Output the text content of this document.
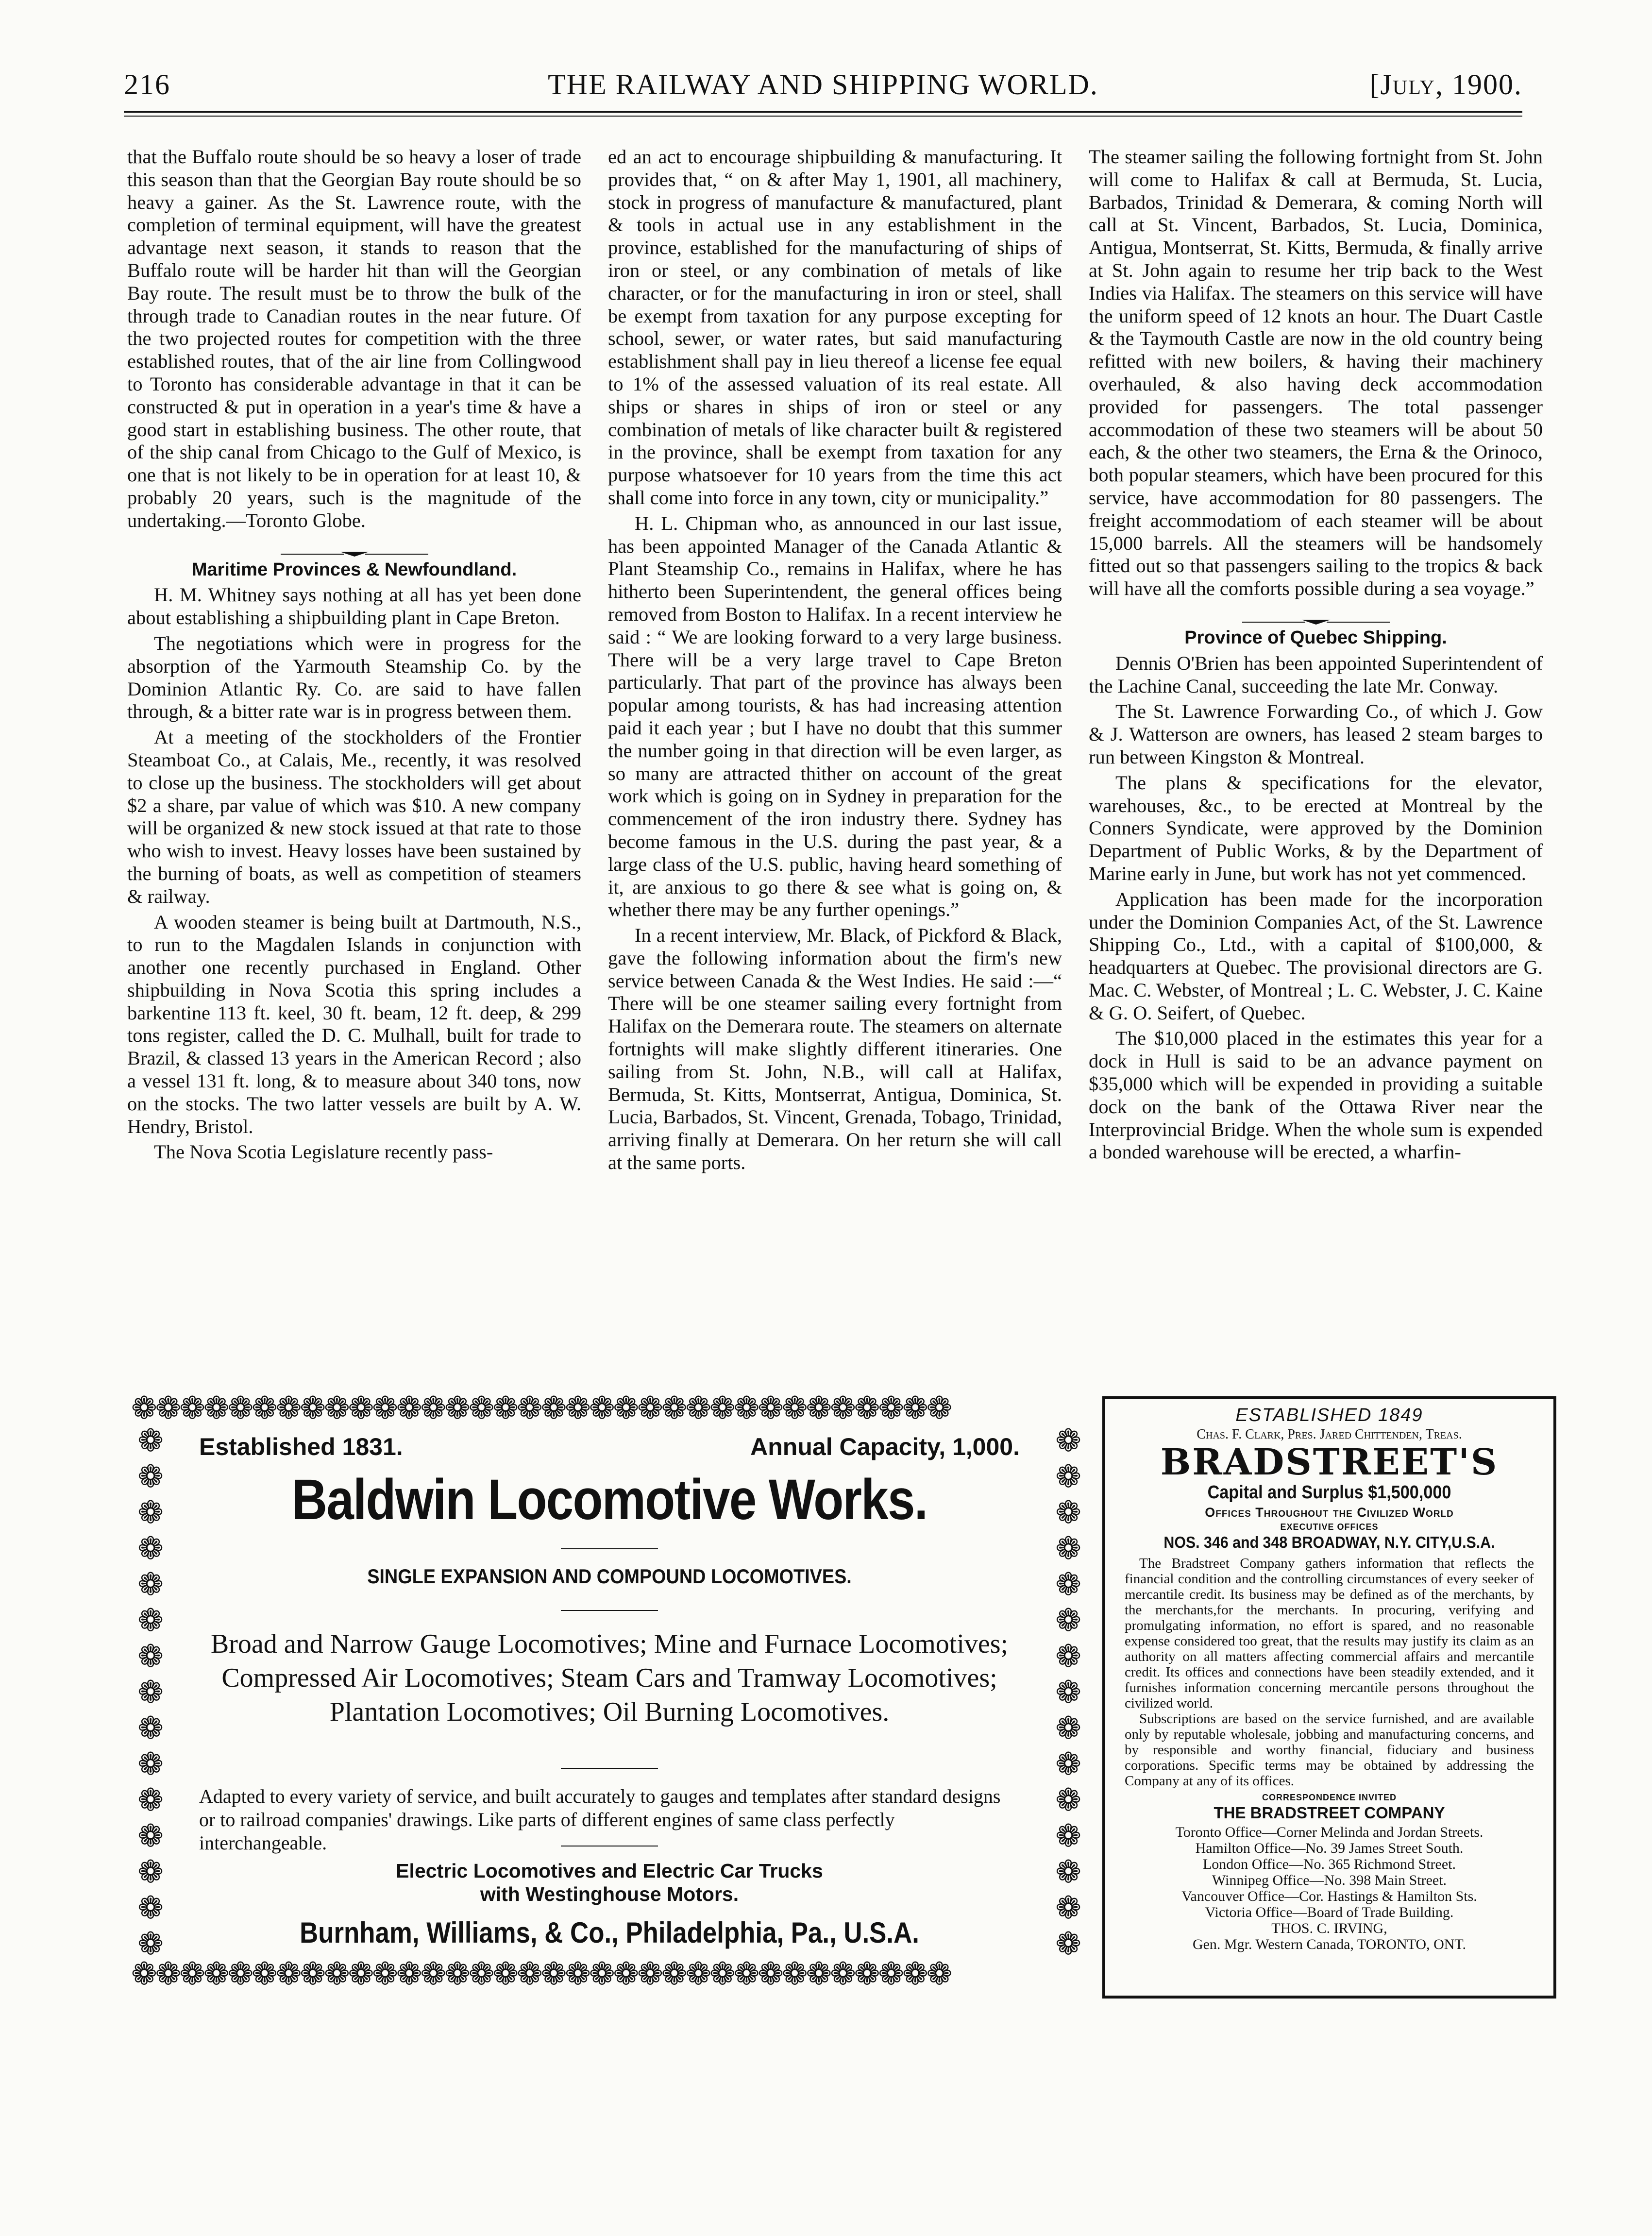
216	THE RAILWAY AND SHIPPING WORLD.	[July, 1900.

that the Buffalo route should be so heavy a loser of trade this season than that the Georgian Bay route should be so heavy a gainer. As the St. Lawrence route, with the completion of terminal equipment, will have the greatest advantage next season, it stands to reason that the Buffalo route will be harder hit than will the Georgian Bay route. The result must be to throw the bulk of the through trade to Canadian routes in the near future. Of the two projected routes for competition with the three established routes, that of the air line from Collingwood to Toronto has considerable advantage in that it can be constructed & put in operation in a year's time & have a good start in establishing business. The other route, that of the ship canal from Chicago to the Gulf of Mexico, is one that is not likely to be in operation for at least 10, & probably 20 years, such is the magnitude of the undertaking.—Toronto Globe.

Maritime Provinces & Newfoundland.

H. M. Whitney says nothing at all has yet been done about establishing a shipbuilding plant in Cape Breton.

The negotiations which were in progress for the absorption of the Yarmouth Steamship Co. by the Dominion Atlantic Ry. Co. are said to have fallen through, & a bitter rate war is in progress between them.

At a meeting of the stockholders of the Frontier Steamboat Co., at Calais, Me., recently, it was resolved to close up the business. The stockholders will get about $2 a share, par value of which was $10. A new company will be organized & new stock issued at that rate to those who wish to invest. Heavy losses have been sustained by the burning of boats, as well as competition of steamers & railway.

A wooden steamer is being built at Dartmouth, N.S., to run to the Magdalen Islands in conjunction with another one recently purchased in England. Other shipbuilding in Nova Scotia this spring includes a barkentine 113 ft. keel, 30 ft. beam, 12 ft. deep, & 299 tons register, called the D. C. Mulhall, built for trade to Brazil, & classed 13 years in the American Record ; also a vessel 131 ft. long, & to measure about 340 tons, now on the stocks. The two latter vessels are built by A. W. Hendry, Bristol.

The Nova Scotia Legislature recently pass-

ed an act to encourage shipbuilding & manufacturing. It provides that, “ on & after May 1, 1901, all machinery, stock in progress of manufacture & manufactured, plant & tools in actual use in any establishment in the province, established for the manufacturing of ships of iron or steel, or any combination of metals of like character, or for the manufacturing in iron or steel, shall be exempt from taxation for any purpose excepting for school, sewer, or water rates, but said manufacturing establishment shall pay in lieu thereof a license fee equal to 1% of the assessed valuation of its real estate. All ships or shares in ships of iron or steel or any combination of metals of like character built & registered in the province, shall be exempt from taxation for any purpose whatsoever for 10 years from the time this act shall come into force in any town, city or municipality.”

H. L. Chipman who, as announced in our last issue, has been appointed Manager of the Canada Atlantic & Plant Steamship Co., remains in Halifax, where he has hitherto been Superintendent, the general offices being removed from Boston to Halifax. In a recent interview he said : “ We are looking forward to a very large business. There will be a very large travel to Cape Breton particularly. That part of the province has always been popular among tourists, & has had increasing attention paid it each year ; but I have no doubt that this summer the number going in that direction will be even larger, as so many are attracted thither on account of the great work which is going on in Sydney in preparation for the commencement of the iron industry there. Sydney has become famous in the U.S. during the past year, & a large class of the U.S. public, having heard something of it, are anxious to go there & see what is going on, & whether there may be any further openings.”

In a recent interview, Mr. Black, of Pickford & Black, gave the following information about the firm's new service between Canada & the West Indies. He said :—“ There will be one steamer sailing every fortnight from Halifax on the Demerara route. The steamers on alternate fortnights will make slightly different itineraries. One sailing from St. John, N.B., will call at Halifax, Bermuda, St. Kitts, Montserrat, Antigua, Dominica, St. Lucia, Barbados, St. Vincent, Grenada, Tobago, Trinidad, arriving finally at Demerara. On her return she will call at the same ports.

The steamer sailing the following fortnight from St. John will come to Halifax & call at Bermuda, St. Lucia, Barbados, Trinidad & Demerara, & coming North will call at St. Vincent, Barbados, St. Lucia, Dominica, Antigua, Montserrat, St. Kitts, Bermuda, & finally arrive at St. John again to resume her trip back to the West Indies via Halifax. The steamers on this service will have the uniform speed of 12 knots an hour. The Duart Castle & the Taymouth Castle are now in the old country being refitted with new boilers, & having their machinery overhauled, & also having deck accommodation provided for passengers. The total passenger accommodation of these two steamers will be about 50 each, & the other two steamers, the Erna & the Orinoco, both popular steamers, which have been procured for this service, have accommodation for 80 passengers. The freight accommodatiom of each steamer will be about 15,000 barrels. All the steamers will be handsomely fitted out so that passengers sailing to the tropics & back will have all the comforts possible during a sea voyage.”

Province of Quebec Shipping.

Dennis O'Brien has been appointed Superintendent of the Lachine Canal, succeeding the late Mr. Conway.

The St. Lawrence Forwarding Co., of which J. Gow & J. Watterson are owners, has leased 2 steam barges to run between Kingston & Montreal.

The plans & specifications for the elevator, warehouses, &c., to be erected at Montreal by the Conners Syndicate, were approved by the Dominion Department of Public Works, & by the Department of Marine early in June, but work has not yet commenced.

Application has been made for the incorporation under the Dominion Companies Act, of the St. Lawrence Shipping Co., Ltd., with a capital of $100,000, & headquarters at Quebec. The provisional directors are G. Mac. C. Webster, of Montreal ; L. C. Webster, J. C. Kaine & G. O. Seifert, of Quebec.

The $10,000 placed in the estimates this year for a dock in Hull is said to be an advance payment on $35,000 which will be expended in providing a suitable dock on the bank of the Ottawa River near the Interprovincial Bridge. When the whole sum is expended a bonded warehouse will be erected, a wharfin-

❁❁❁❁❁❁❁❁❁❁❁❁❁❁❁❁❁❁❁❁❁❁❁❁❁❁❁❁❁❁❁❁❁❁
❁
❁
❁
❁
❁
❁
❁
❁
❁
❁
❁
❁
❁
❁
❁
❁
❁
❁
❁
❁
❁
❁
❁
❁
❁
❁
❁
❁
❁
❁
❁❁❁❁❁❁❁❁❁❁❁❁❁❁❁❁❁❁❁❁❁❁❁❁❁❁❁❁❁❁❁❁❁❁
Established 1831.	Annual Capacity, 1,000.
Baldwin Locomotive Works.
SINGLE EXPANSION AND COMPOUND LOCOMOTIVES.
Broad and Narrow Gauge Locomotives; Mine and Furnace Locomotives; Compressed Air Locomotives; Steam Cars and Tramway Locomotives; Plantation Locomotives; Oil Burning Locomotives.
Adapted to every variety of service, and built accurately to gauges and templates after standard designs or to railroad companies' drawings. Like parts of different engines of same class perfectly interchangeable.
Electric Locomotives and Electric Car Trucks
with Westinghouse Motors.
Burnham, Williams, & Co., Philadelphia, Pa., U.S.A.
ESTABLISHED 1849
Chas. F. Clark, Pres. Jared Chittenden, Treas.
BRADSTREET'S
Capital and Surplus $1,500,000
Offices Throughout the Civilized World
EXECUTIVE OFFICES
NOS. 346 and 348 BROADWAY, N.Y. CITY,U.S.A.

The Bradstreet Company gathers information that reflects the financial condition and the controlling circumstances of every seeker of mercantile credit. Its business may be defined as of the merchants, by the merchants,for the merchants. In procuring, verifying and promulgating information, no effort is spared, and no reasonable expense considered too great, that the results may justify its claim as an authority on all matters affecting commercial affairs and mercantile credit. Its offices and connections have been steadily extended, and it furnishes information concerning mercantile persons throughout the civilized world.

Subscriptions are based on the service furnished, and are available only by reputable wholesale, jobbing and manufacturing concerns, and by responsible and worthy financial, fiduciary and business corporations. Specific terms may be obtained by addressing the Company at any of its offices.

CORRESPONDENCE INVITED
THE BRADSTREET COMPANY
Toronto Office—Corner Melinda and Jordan Streets.
Hamilton Office—No. 39 James Street South.
London Office—No. 365 Richmond Street.
Winnipeg Office—No. 398 Main Street.
Vancouver Office—Cor. Hastings & Hamilton Sts.
Victoria Office—Board of Trade Building.
THOS. C. IRVING,
Gen. Mgr. Western Canada, TORONTO, ONT.
